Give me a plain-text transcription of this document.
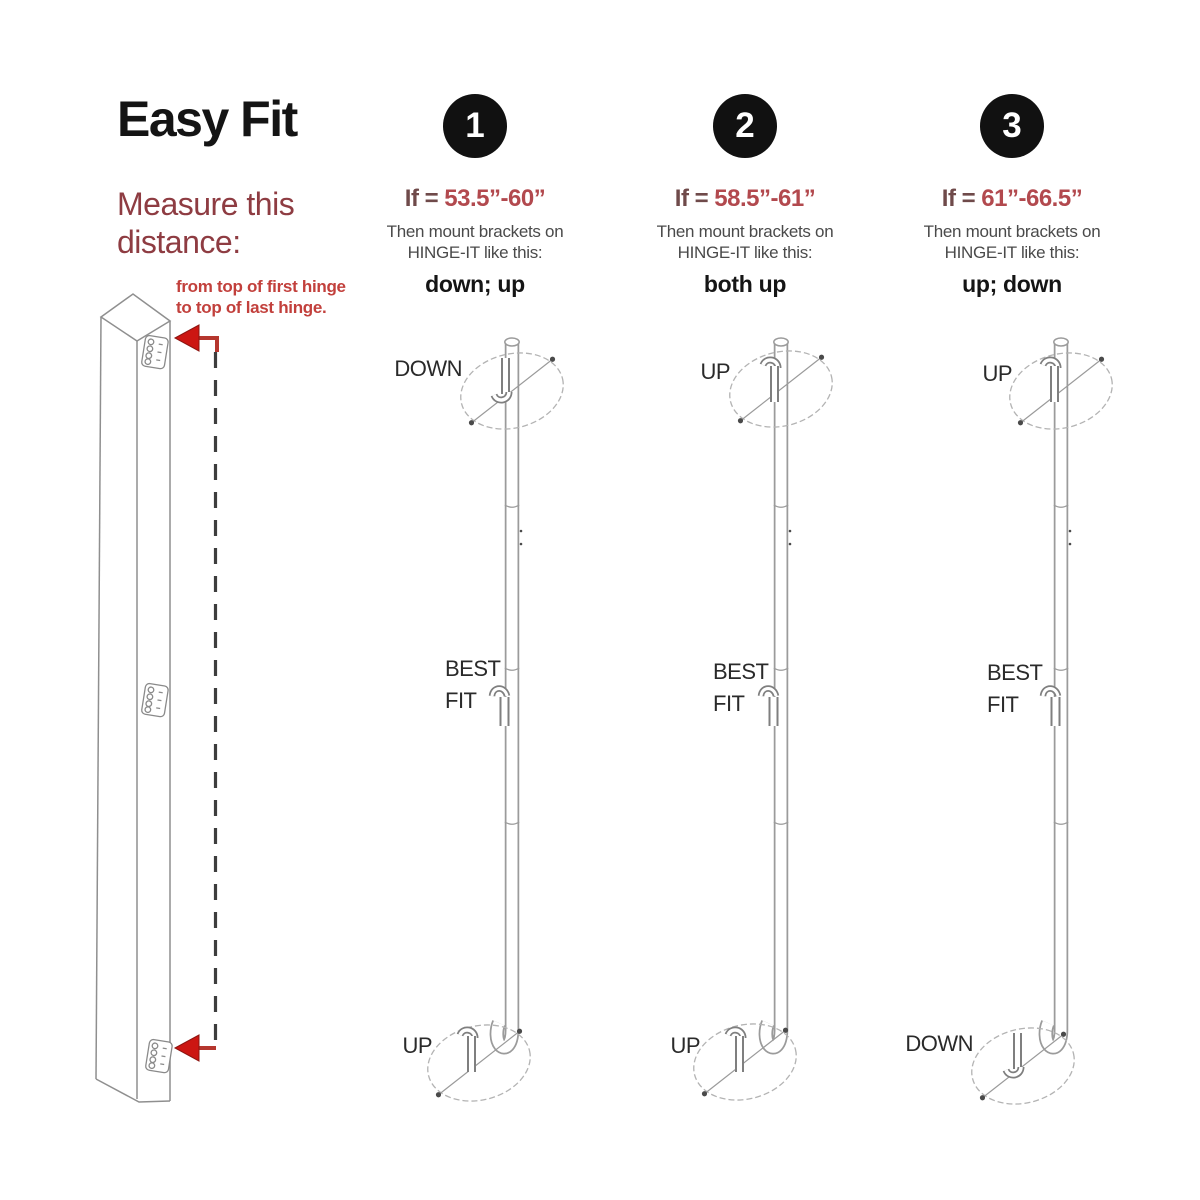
Easy Fit
Measure this distance:
from top of first hinge
to top of last hinge.
1
If = 53.5”-60”
Then mount brackets on
HINGE-IT like this:
down; up
2
If = 58.5”-61”
Then mount brackets on
HINGE-IT like this:
both up
3
If = 61”-66.5”
Then mount brackets on
HINGE-IT like this:
up; down
DOWN
BEST
FIT
UP
UP
BEST
FIT
UP
UP
BEST
FIT
DOWN
